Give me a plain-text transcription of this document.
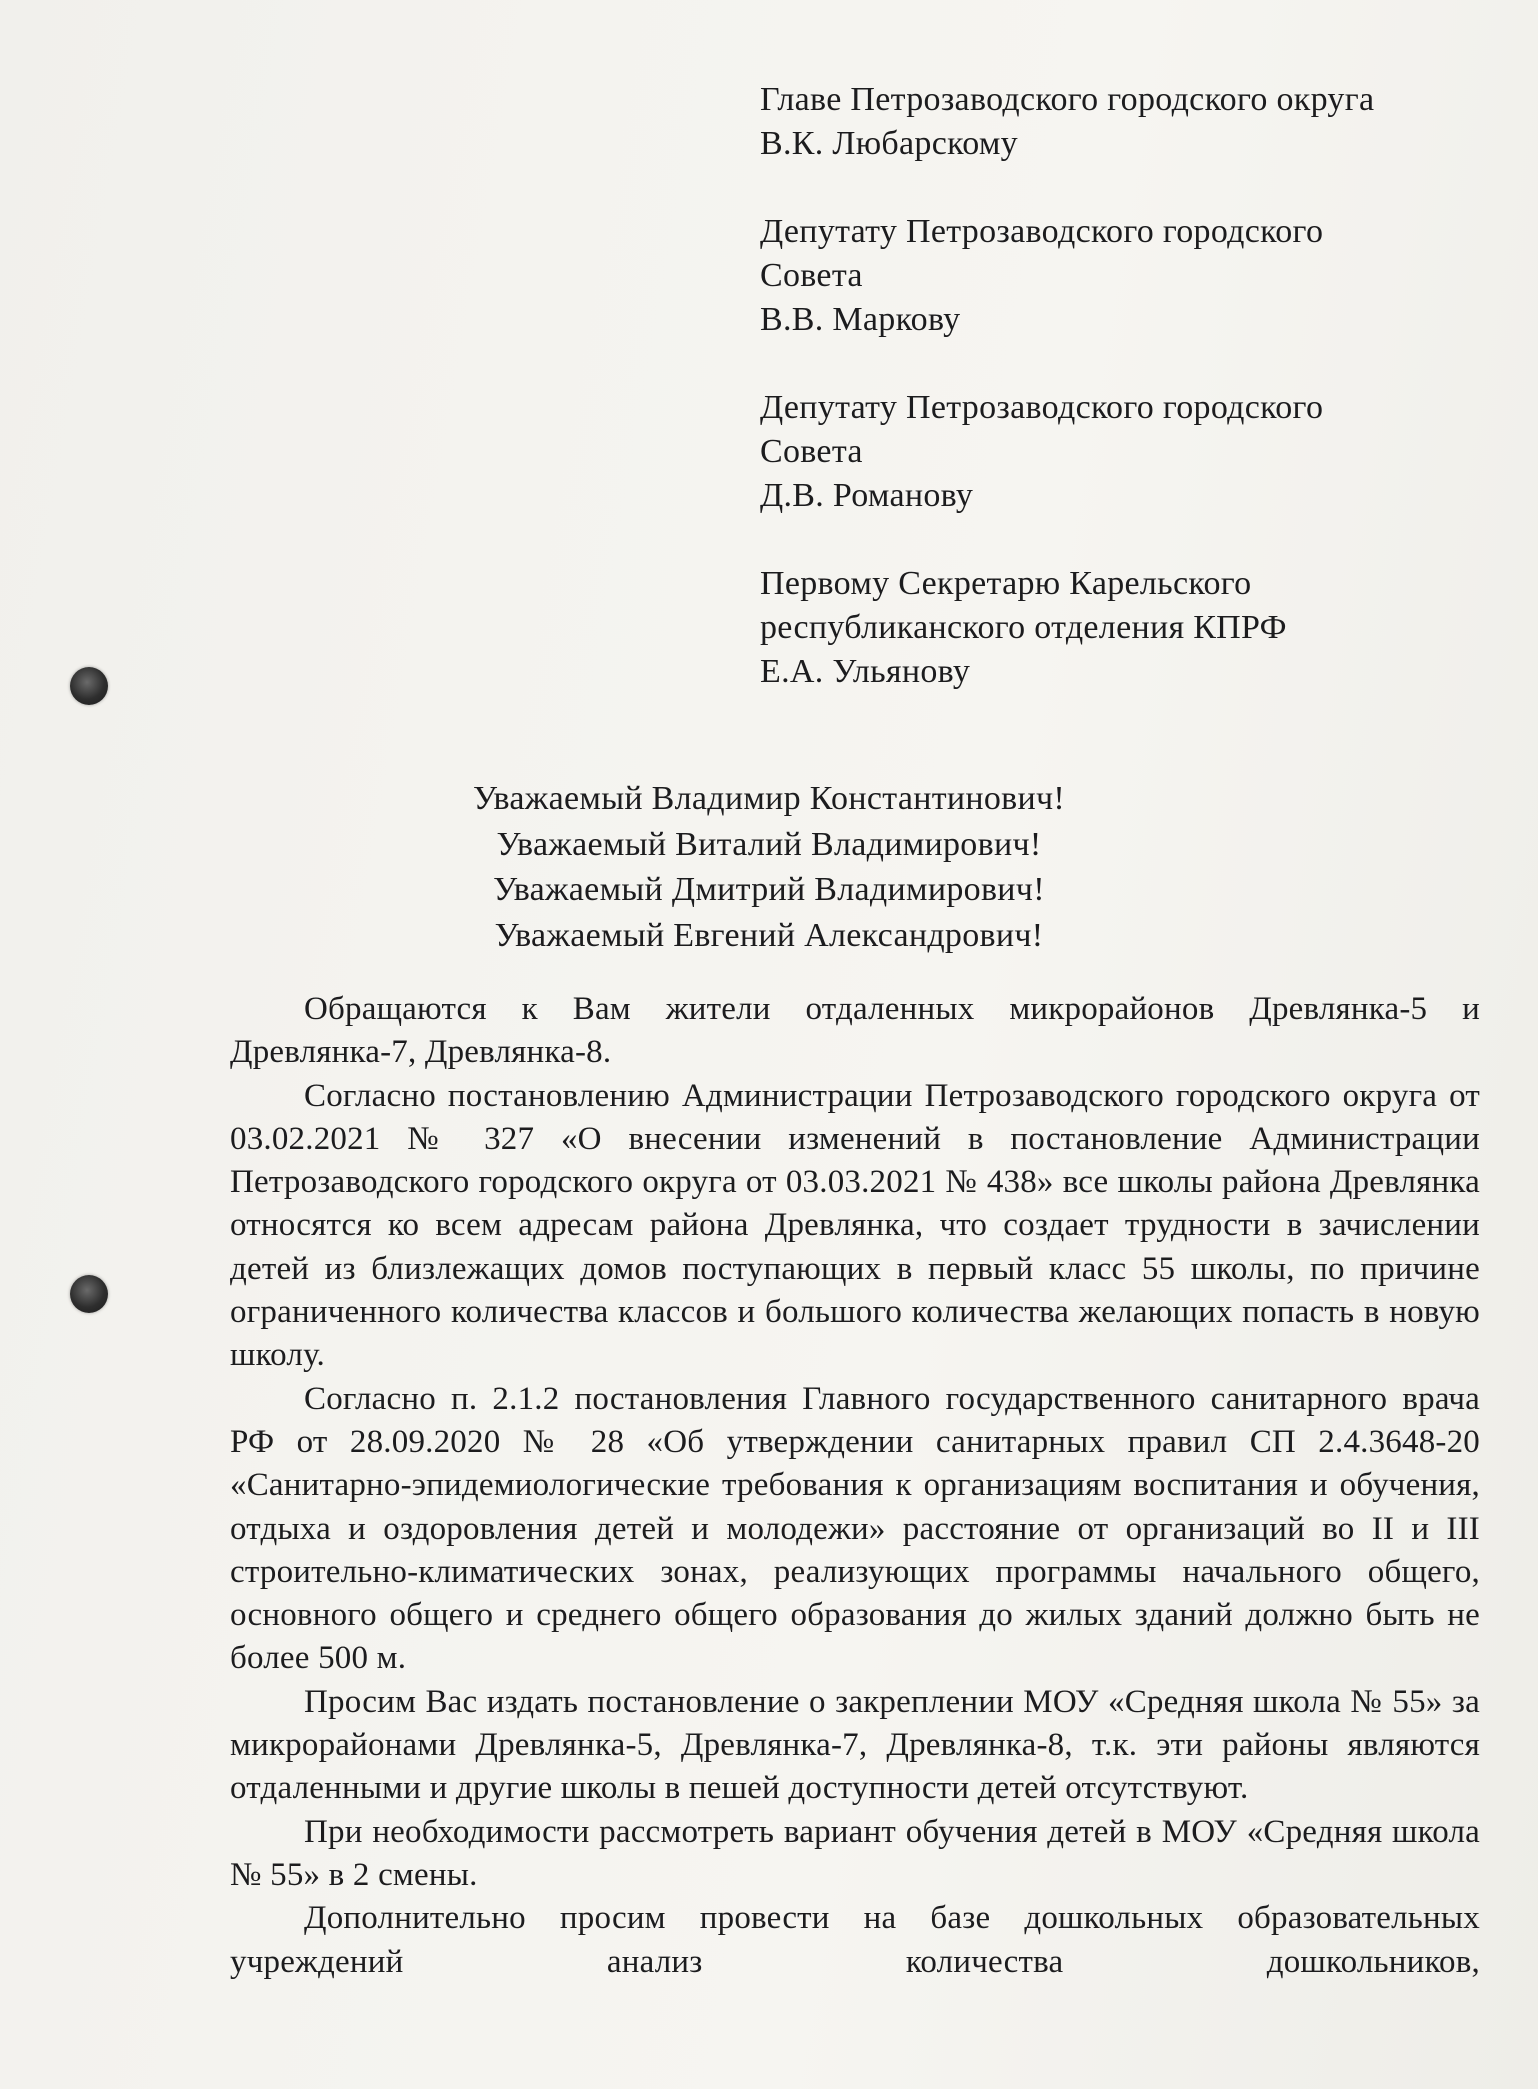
Главе Петрозаводского городского округа
В.К. Любарскому
Депутату Петрозаводского городского
Совета
В.В. Маркову
Депутату Петрозаводского городского
Совета
Д.В. Романову
Первому Секретарю Карельского
республиканского отделения КПРФ
Е.А. Ульянову
Уважаемый Владимир Константинович!
Уважаемый Виталий Владимирович!
Уважаемый Дмитрий Владимирович!
Уважаемый Евгений Александрович!

Обращаются к Вам жители отдаленных микрорайонов Древлянка-5 и Древлянка-7, Древлянка-8.

Согласно постановлению Администрации Петрозаводского городского округа от 03.02.2021 № 327 «О внесении изменений в постановление Администрации Петрозаводского городского округа от 03.03.2021 № 438» все школы района Древлянка относятся ко всем адресам района Древлянка, что создает трудности в зачислении детей из близлежащих домов поступающих в первый класс 55 школы, по причине ограниченного количества классов и большого количества желающих попасть в новую школу.

Согласно п. 2.1.2 постановления Главного государственного санитарного врача РФ от 28.09.2020 № 28 «Об утверждении санитарных правил СП 2.4.3648-20 «Санитарно-эпидемиологические требования к организациям воспитания и обучения, отдыха и оздоровления детей и молодежи» расстояние от организаций во II и III строительно-климатических зонах, реализующих программы начального общего, основного общего и среднего общего образования до жилых зданий должно быть не более 500 м.

Просим Вас издать постановление о закреплении МОУ «Средняя школа № 55» за микрорайонами Древлянка-5, Древлянка-7, Древлянка-8, т.к. эти районы являются отдаленными и другие школы в пешей доступности детей отсутствуют.

При необходимости рассмотреть вариант обучения детей в МОУ «Средняя школа № 55» в 2 смены.

Дополнительно просим провести на базе дошкольных образовательных учреждений анализ количества дошкольников,
